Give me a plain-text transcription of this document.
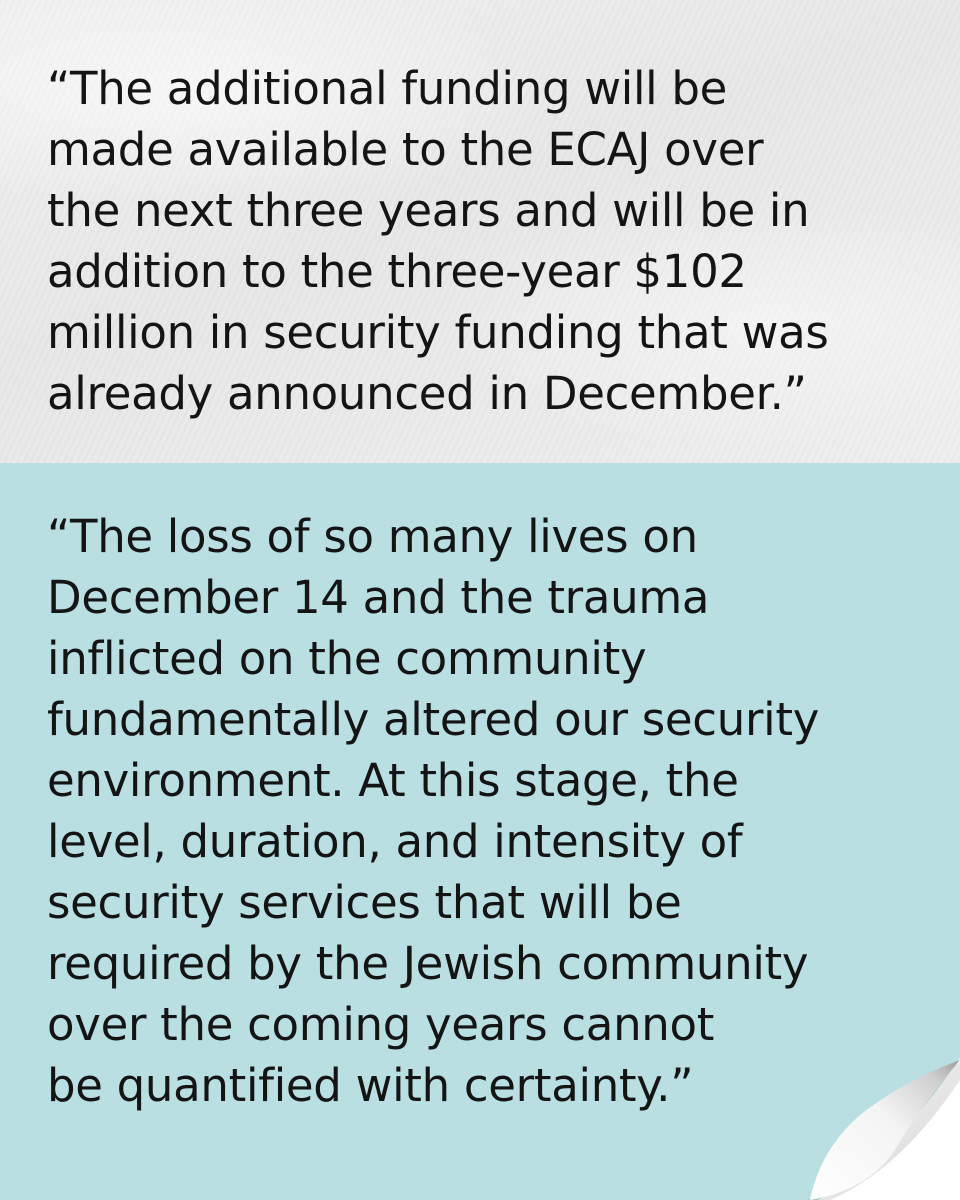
“The additional funding will be
made available to the ECAJ over
the next three years and will be in
addition to the three-year $102
million in security funding that was
already announced in December.”

“The loss of so many lives on
December 14 and the trauma
inflicted on the community
fundamentally altered our security
environment. At this stage, the
level, duration, and intensity of
security services that will be
required by the Jewish community
over the coming years cannot
be quantified with certainty.”
